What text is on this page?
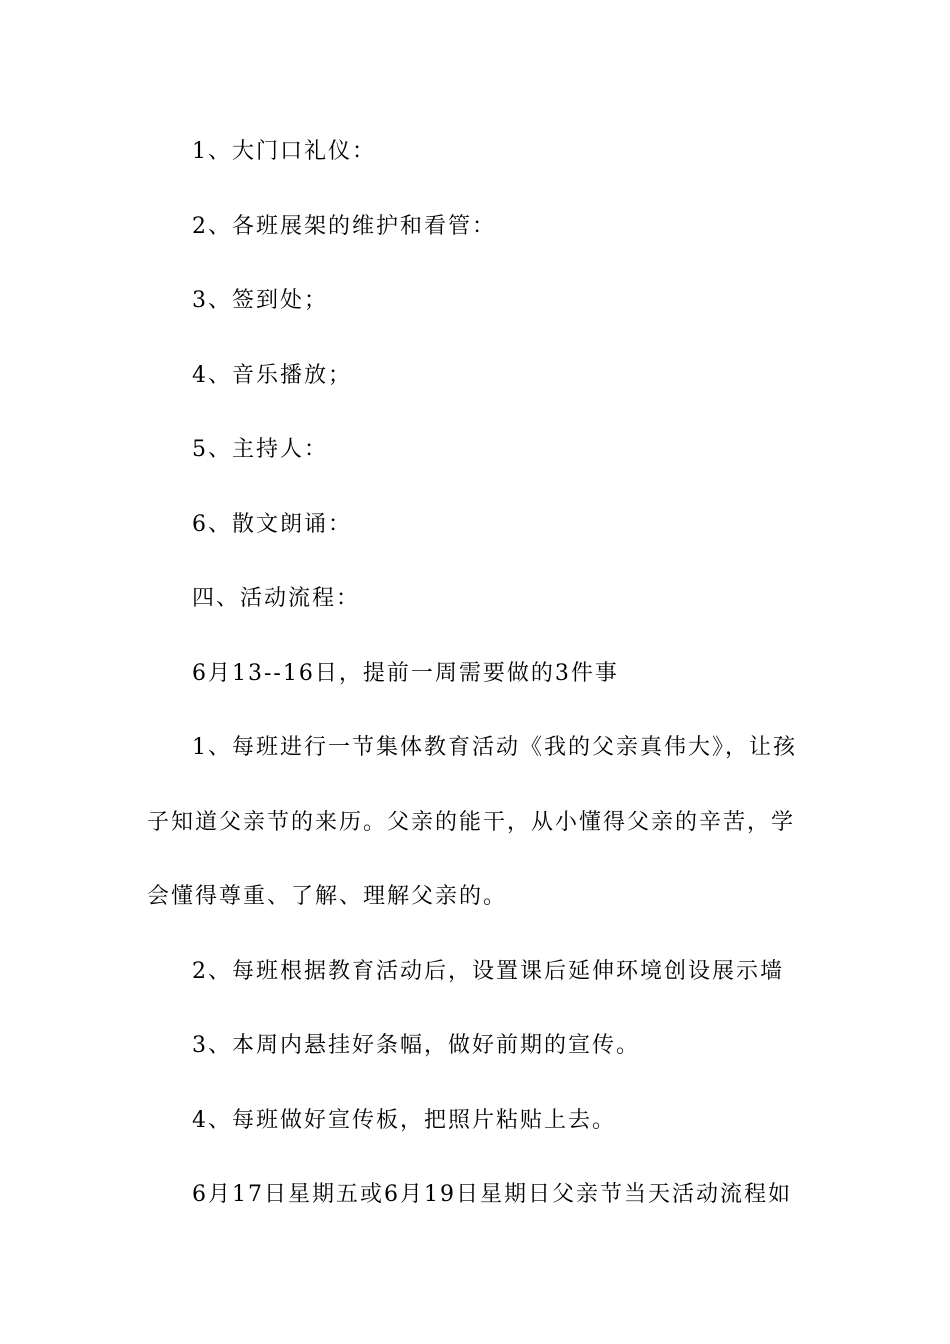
1、大门口礼仪：
2、各班展架的维护和看管：
3、签到处；
4、音乐播放；
5、主持人：
6、散文朗诵：
四、活动流程：
6月13--16日，提前一周需要做的3件事
1、每班进行一节集体教育活动《我的父亲真伟大》，让孩
子知道父亲节的来历。父亲的能干，从小懂得父亲的辛苦，学
会懂得尊重、了解、理解父亲的。
2、每班根据教育活动后，设置课后延伸环境创设展示墙
3、本周内悬挂好条幅，做好前期的宣传。
4、每班做好宣传板，把照片粘贴上去。
6月17日星期五或6月19日星期日父亲节当天活动流程如
